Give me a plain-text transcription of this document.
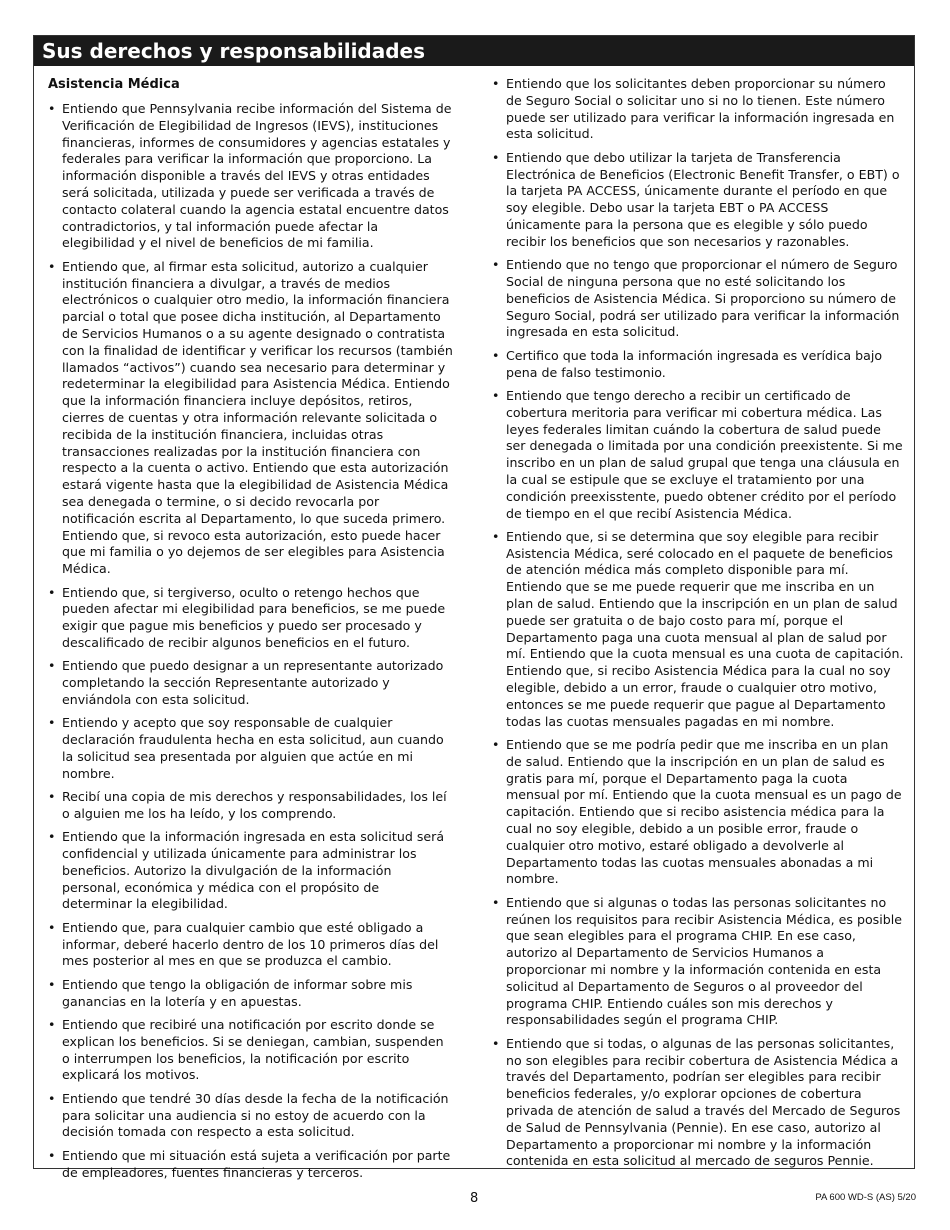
Sus derechos y responsabilidades
Asistencia Médica
• Entiendo que Pennsylvania recibe información del Sistema de Verificación de Elegibilidad de Ingresos (IEVS), instituciones financieras, informes de consumidores y agencias estatales y federales para verificar la información que proporciono. La información disponible a través del IEVS y otras entidades será solicitada, utilizada y puede ser verificada a través de contacto colateral cuando la agencia estatal encuentre datos contradictorios, y tal información puede afectar la elegibilidad y el nivel de beneficios de mi familia.
• Entiendo que, al firmar esta solicitud, autorizo a cualquier institución financiera a divulgar, a través de medios electrónicos o cualquier otro medio, la información financiera parcial o total que posee dicha institución, al Departamento de Servicios Humanos o a su agente designado o contratista con la finalidad de identificar y verificar los recursos (también llamados “activos”) cuando sea necesario para determinar y redeterminar la elegibilidad para Asistencia Médica. Entiendo que la información financiera incluye depósitos, retiros, cierres de cuentas y otra información relevante solicitada o recibida de la institución financiera, incluidas otras transacciones realizadas por la institución financiera con respecto a la cuenta o activo. Entiendo que esta autorización estará vigente hasta que la elegibilidad de Asistencia Médica sea denegada o termine, o si decido revocarla por notificación escrita al Departamento, lo que suceda primero. Entiendo que, si revoco esta autorización, esto puede hacer que mi familia o yo dejemos de ser elegibles para Asistencia Médica.
• Entiendo que, si tergiverso, oculto o retengo hechos que pueden afectar mi elegibilidad para beneficios, se me puede exigir que pague mis beneficios y puedo ser procesado y descalificado de recibir algunos beneficios en el futuro.
• Entiendo que puedo designar a un representante autorizado completando la sección Representante autorizado y enviándola con esta solicitud.
• Entiendo y acepto que soy responsable de cualquier declaración fraudulenta hecha en esta solicitud, aun cuando la solicitud sea presentada por alguien que actúe en mi nombre.
• Recibí una copia de mis derechos y responsabilidades, los leí o alguien me los ha leído, y los comprendo.
• Entiendo que la información ingresada en esta solicitud será confidencial y utilizada únicamente para administrar los beneficios. Autorizo la divulgación de la información personal, económica y médica con el propósito de determinar la elegibilidad.
• Entiendo que, para cualquier cambio que esté obligado a informar, deberé hacerlo dentro de los 10 primeros días del mes posterior al mes en que se produzca el cambio.
• Entiendo que tengo la obligación de informar sobre mis ganancias en la lotería y en apuestas.
• Entiendo que recibiré una notificación por escrito donde se explican los beneficios. Si se deniegan, cambian, suspenden o interrumpen los beneficios, la notificación por escrito explicará los motivos.
• Entiendo que tendré 30 días desde la fecha de la notificación para solicitar una audiencia si no estoy de acuerdo con la decisión tomada con respecto a esta solicitud.
• Entiendo que mi situación está sujeta a verificación por parte de empleadores, fuentes financieras y terceros.
• Entiendo que los solicitantes deben proporcionar su número de Seguro Social o solicitar uno si no lo tienen. Este número puede ser utilizado para verificar la información ingresada en esta solicitud.
• Entiendo que debo utilizar la tarjeta de Transferencia Electrónica de Beneficios (Electronic Benefit Transfer, o EBT) o la tarjeta PA ACCESS, únicamente durante el período en que soy elegible. Debo usar la tarjeta EBT o PA ACCESS únicamente para la persona que es elegible y sólo puedo recibir los beneficios que son necesarios y razonables.
• Entiendo que no tengo que proporcionar el número de Seguro Social de ninguna persona que no esté solicitando los beneficios de Asistencia Médica. Si proporciono su número de Seguro Social, podrá ser utilizado para verificar la información ingresada en esta solicitud.
• Certifico que toda la información ingresada es verídica bajo pena de falso testimonio.
• Entiendo que tengo derecho a recibir un certificado de cobertura meritoria para verificar mi cobertura médica. Las leyes federales limitan cuándo la cobertura de salud puede ser denegada o limitada por una condición preexistente. Si me inscribo en un plan de salud grupal que tenga una cláusula en la cual se estipule que se excluye el tratamiento por una condición preexisstente, puedo obtener crédito por el período de tiempo en el que recibí Asistencia Médica.
• Entiendo que, si se determina que soy elegible para recibir Asistencia Médica, seré colocado en el paquete de beneficios de atención médica más completo disponible para mí. Entiendo que se me puede requerir que me inscriba en un plan de salud. Entiendo que la inscripción en un plan de salud puede ser gratuita o de bajo costo para mí, porque el Departamento paga una cuota mensual al plan de salud por mí. Entiendo que la cuota mensual es una cuota de capitación. Entiendo que, si recibo Asistencia Médica para la cual no soy elegible, debido a un error, fraude o cualquier otro motivo, entonces se me puede requerir que pague al Departamento todas las cuotas mensuales pagadas en mi nombre.
• Entiendo que se me podría pedir que me inscriba en un plan de salud. Entiendo que la inscripción en un plan de salud es gratis para mí, porque el Departamento paga la cuota mensual por mí. Entiendo que la cuota mensual es un pago de capitación. Entiendo que si recibo asistencia médica para la cual no soy elegible, debido a un posible error, fraude o cualquier otro motivo, estaré obligado a devolverle al Departamento todas las cuotas mensuales abonadas a mi nombre.
• Entiendo que si algunas o todas las personas solicitantes no reúnen los requisitos para recibir Asistencia Médica, es posible que sean elegibles para el programa CHIP. En ese caso, autorizo al Departamento de Servicios Humanos a proporcionar mi nombre y la información contenida en esta solicitud al Departamento de Seguros o al proveedor del programa CHIP. Entiendo cuáles son mis derechos y responsabilidades según el programa CHIP.
• Entiendo que si todas, o algunas de las personas solicitantes, no son elegibles para recibir cobertura de Asistencia Médica a través del Departamento, podrían ser elegibles para recibir beneficios federales, y/o explorar opciones de cobertura privada de atención de salud a través del Mercado de Seguros de Salud de Pennsylvania (Pennie). En ese caso, autorizo al Departamento a proporcionar mi nombre y la información contenida en esta solicitud al mercado de seguros Pennie.
8	PA 600 WD-S (AS) 5/20
